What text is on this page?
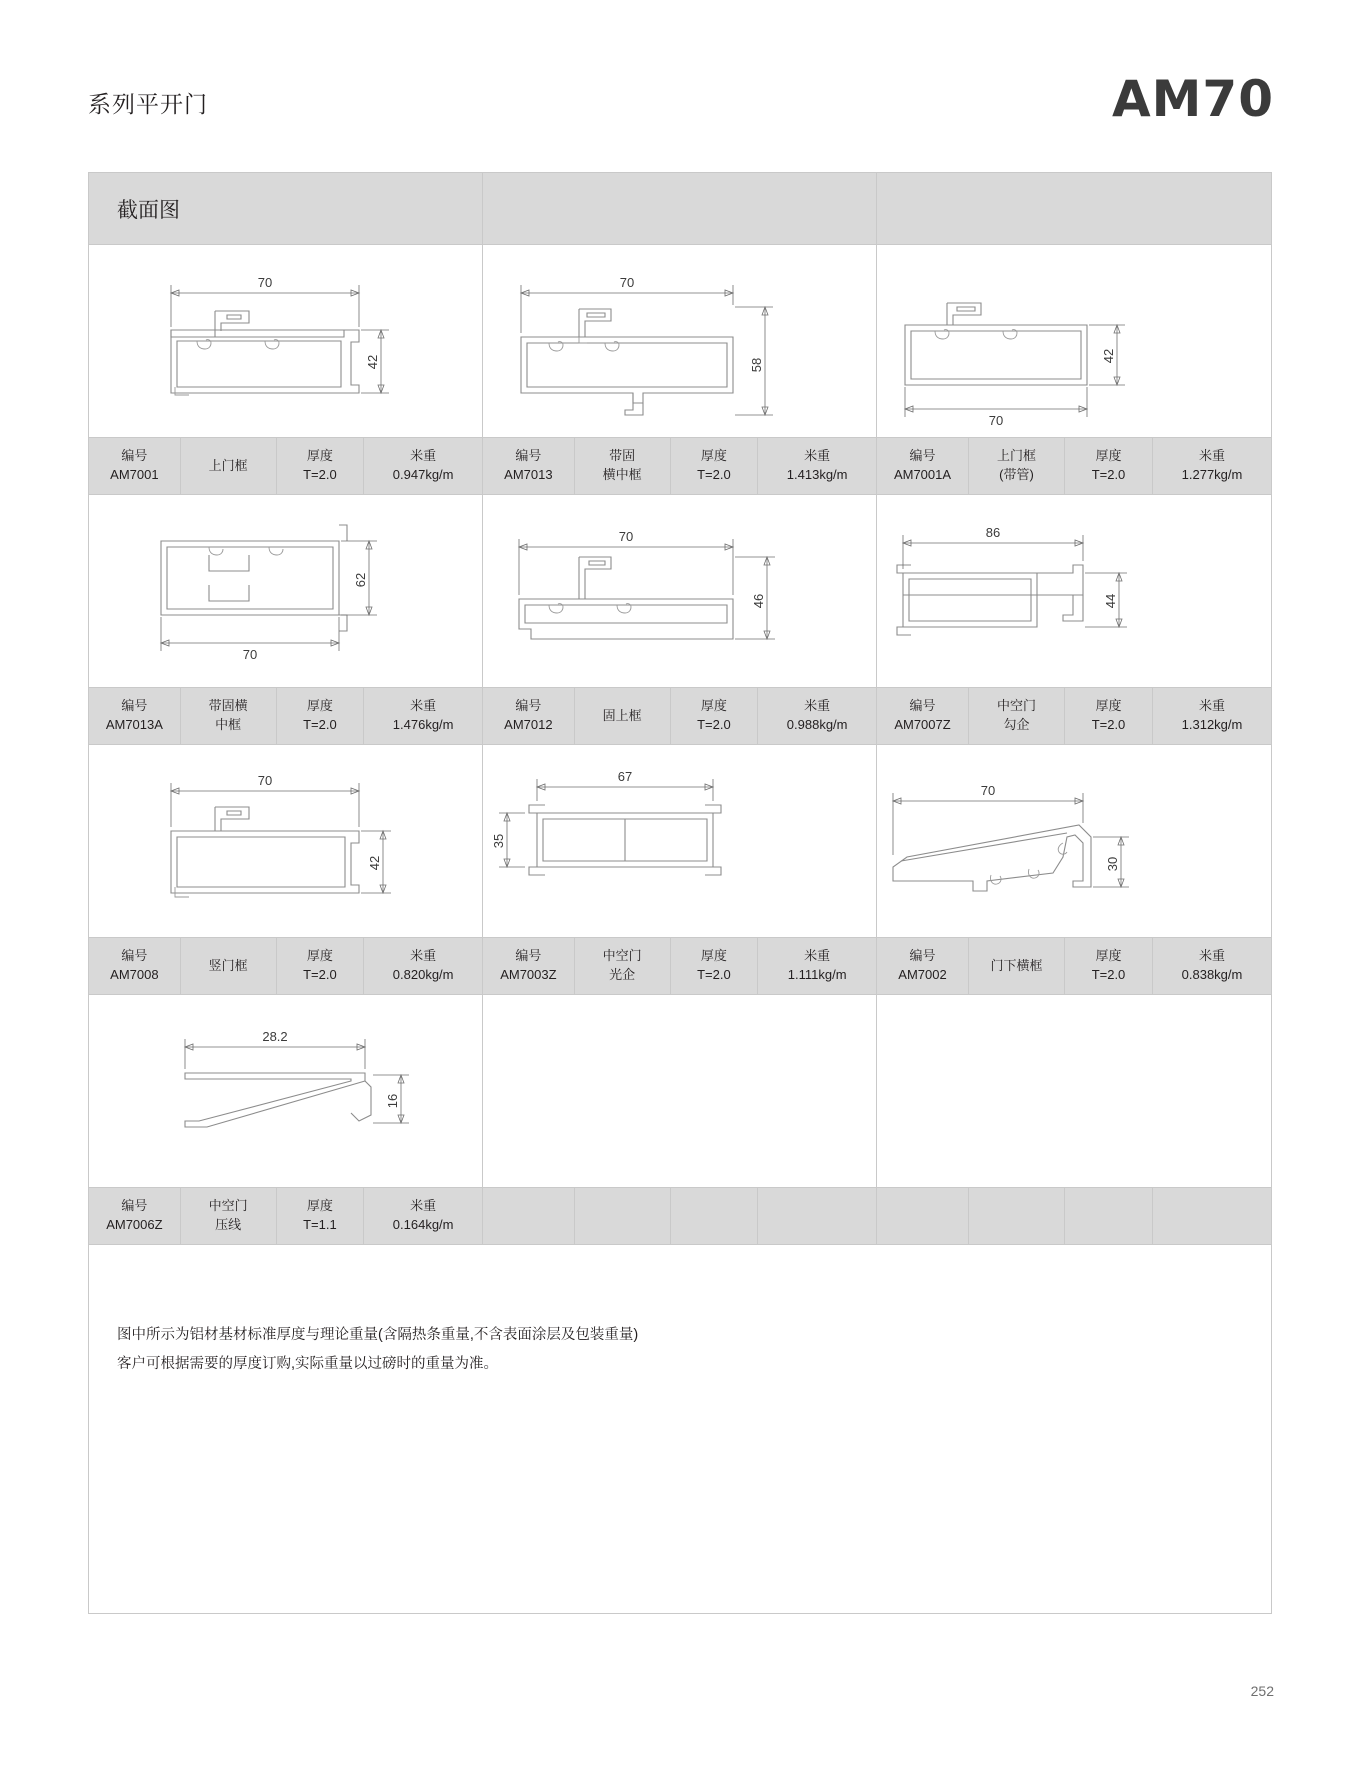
系列平开门	AM70
截面图
70
42
编号
AM7001
上门框
厚度
T=2.0
米重
0.947kg/m
70
58
编号
AM7013
带固
横中框
厚度
T=2.0
米重
1.413kg/m
42
70
编号
AM7001A
上门框
(带管)
厚度
T=2.0
米重
1.277kg/m
62
70
编号
AM7013A
带固横
中框
厚度
T=2.0
米重
1.476kg/m
70
46
编号
AM7012
固上框
厚度
T=2.0
米重
0.988kg/m
86
44
编号
AM7007Z
中空门
勾企
厚度
T=2.0
米重
1.312kg/m
70
42
编号
AM7008
竖门框
厚度
T=2.0
米重
0.820kg/m
67
35
编号
AM7003Z
中空门
光企
厚度
T=2.0
米重
1.111kg/m
70
30
编号
AM7002
门下横框
厚度
T=2.0
米重
0.838kg/m
28.2
16
编号
AM7006Z
中空门
压线
厚度
T=1.1
米重
0.164kg/m
图中所示为铝材基材标准厚度与理论重量(含隔热条重量,不含表面涂层及包装重量)
客户可根据需要的厚度订购,实际重量以过磅时的重量为准。
252
